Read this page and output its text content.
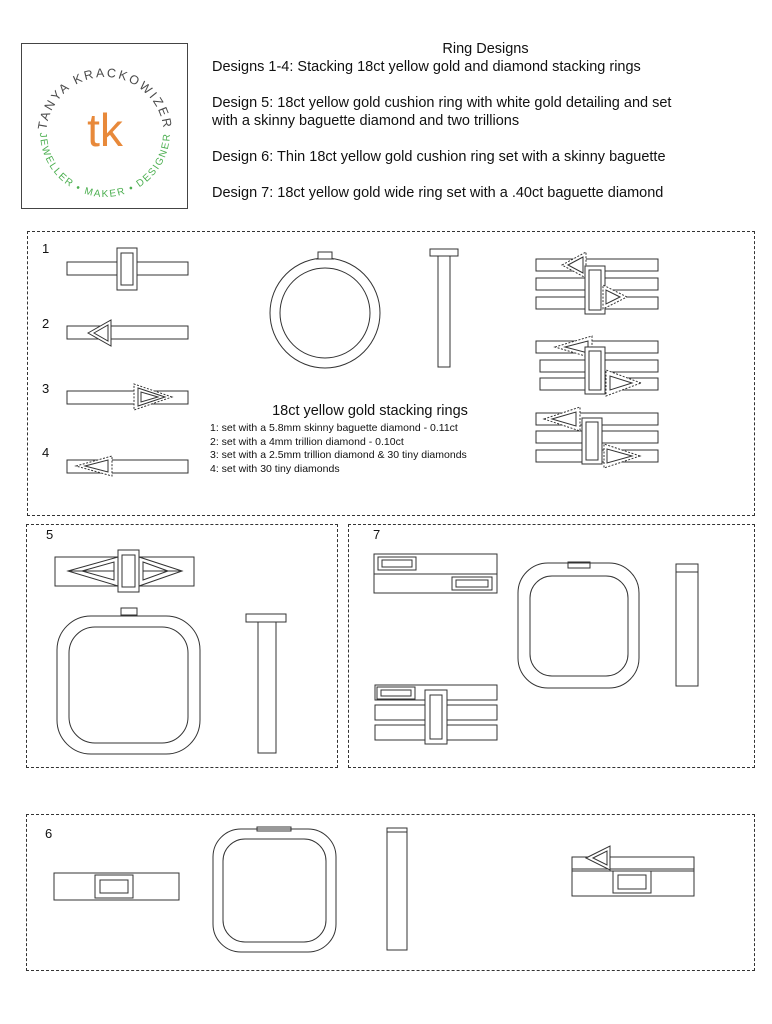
TANYA KRACKOWIZER
JEWELLER • MAKER • DESIGNER
tk
Ring Designs
Designs 1-4: Stacking 18ct yellow gold and diamond stacking rings
Design 5: 18ct yellow gold cushion ring with white gold detailing and set
with a skinny baguette diamond and two trillions
Design 6: Thin 18ct yellow gold cushion ring set with a skinny baguette
Design 7: 18ct yellow gold wide ring set with a .40ct baguette diamond
1
2
3
4
5	7
6
18ct yellow gold stacking rings
1: set with a 5.8mm skinny baguette diamond - 0.11ct
2: set with a 4mm trillion diamond - 0.10ct
3: set with a 2.5mm trillion diamond & 30 tiny diamonds
4: set with 30 tiny diamonds
